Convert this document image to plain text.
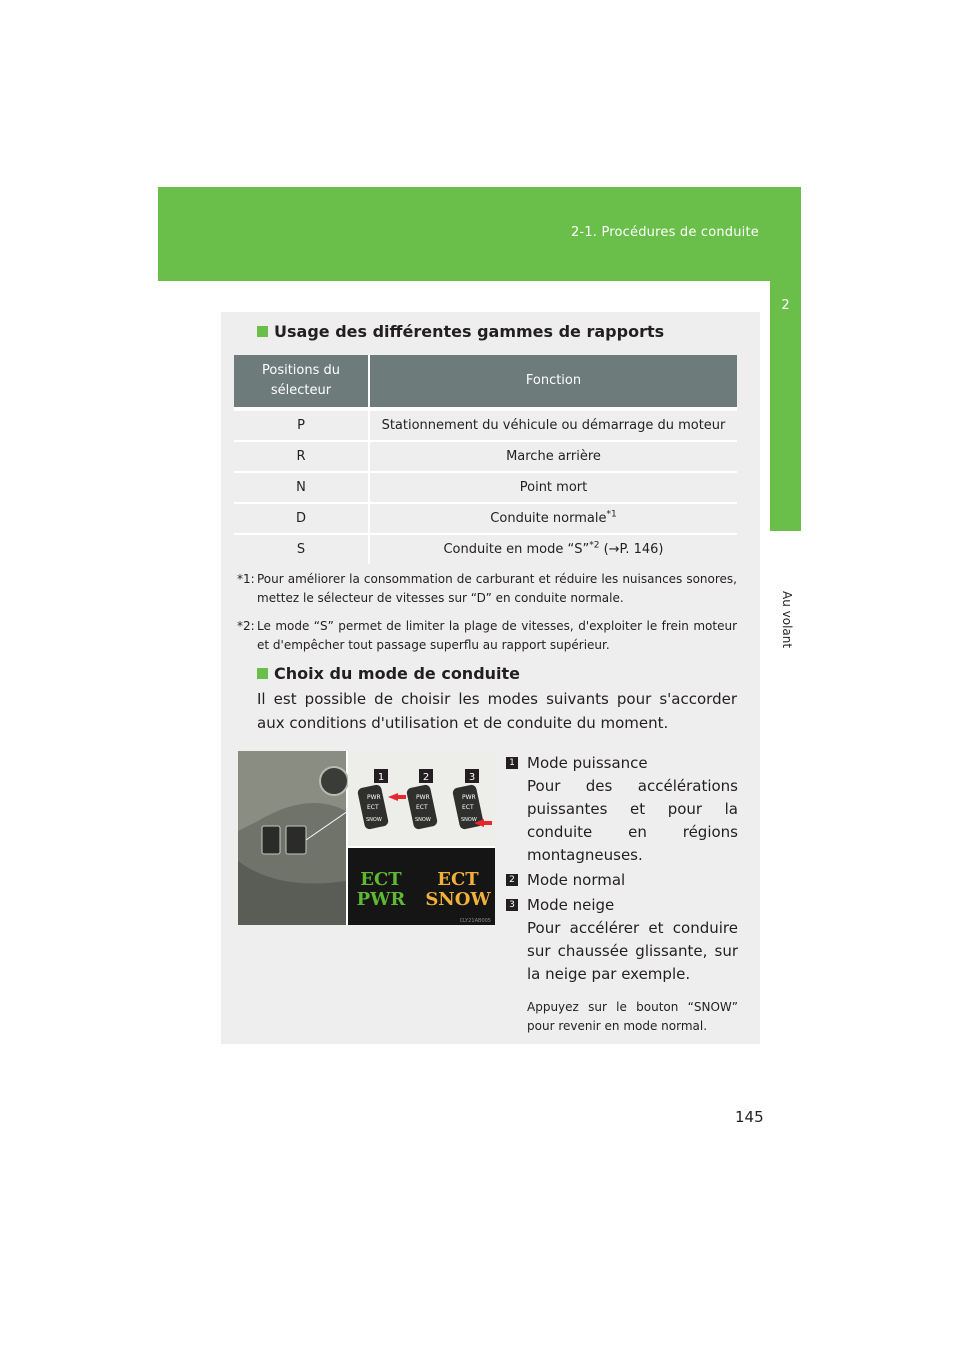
2-1. Procédures de conduite
2
Au volant
Usage des différentes gammes de rapports
Positions du sélecteur	Fonction
P	Stationnement du véhicule ou démarrage du moteur
R	Marche arrière
N	Point mort
D	Conduite normale$^{*1}$
S	Conduite en mode “S”$^{*2}$ (→P. 146)
*1: Pour améliorer la consommation de carburant et réduire les nuisances sonores, mettez le sélecteur de vitesses sur “D” en conduite normale.
*2: Le mode “S” permet de limiter la plage de vitesses, d'exploiter le frein moteur et d'empêcher tout passage superflu au rapport supérieur.
Choix du mode de conduite
Il est possible de choisir les modes suivants pour s'accorder aux conditions d'utilisation et de conduite du moment.
PWR
ECT
SNOW
PWR
ECT
SNOW
PWR
ECT
SNOW
1	2	3
ECT
PWR
ECT
SNOW
CLY21AB005
1 Mode puissance
Pour des accélérations puissantes et pour la conduite en régions montagneuses.
2 Mode normal
3 Mode neige
Pour accélérer et conduire sur chaussée glissante, sur la neige par exemple.
Appuyez sur le bouton “SNOW” pour revenir en mode normal.
145
